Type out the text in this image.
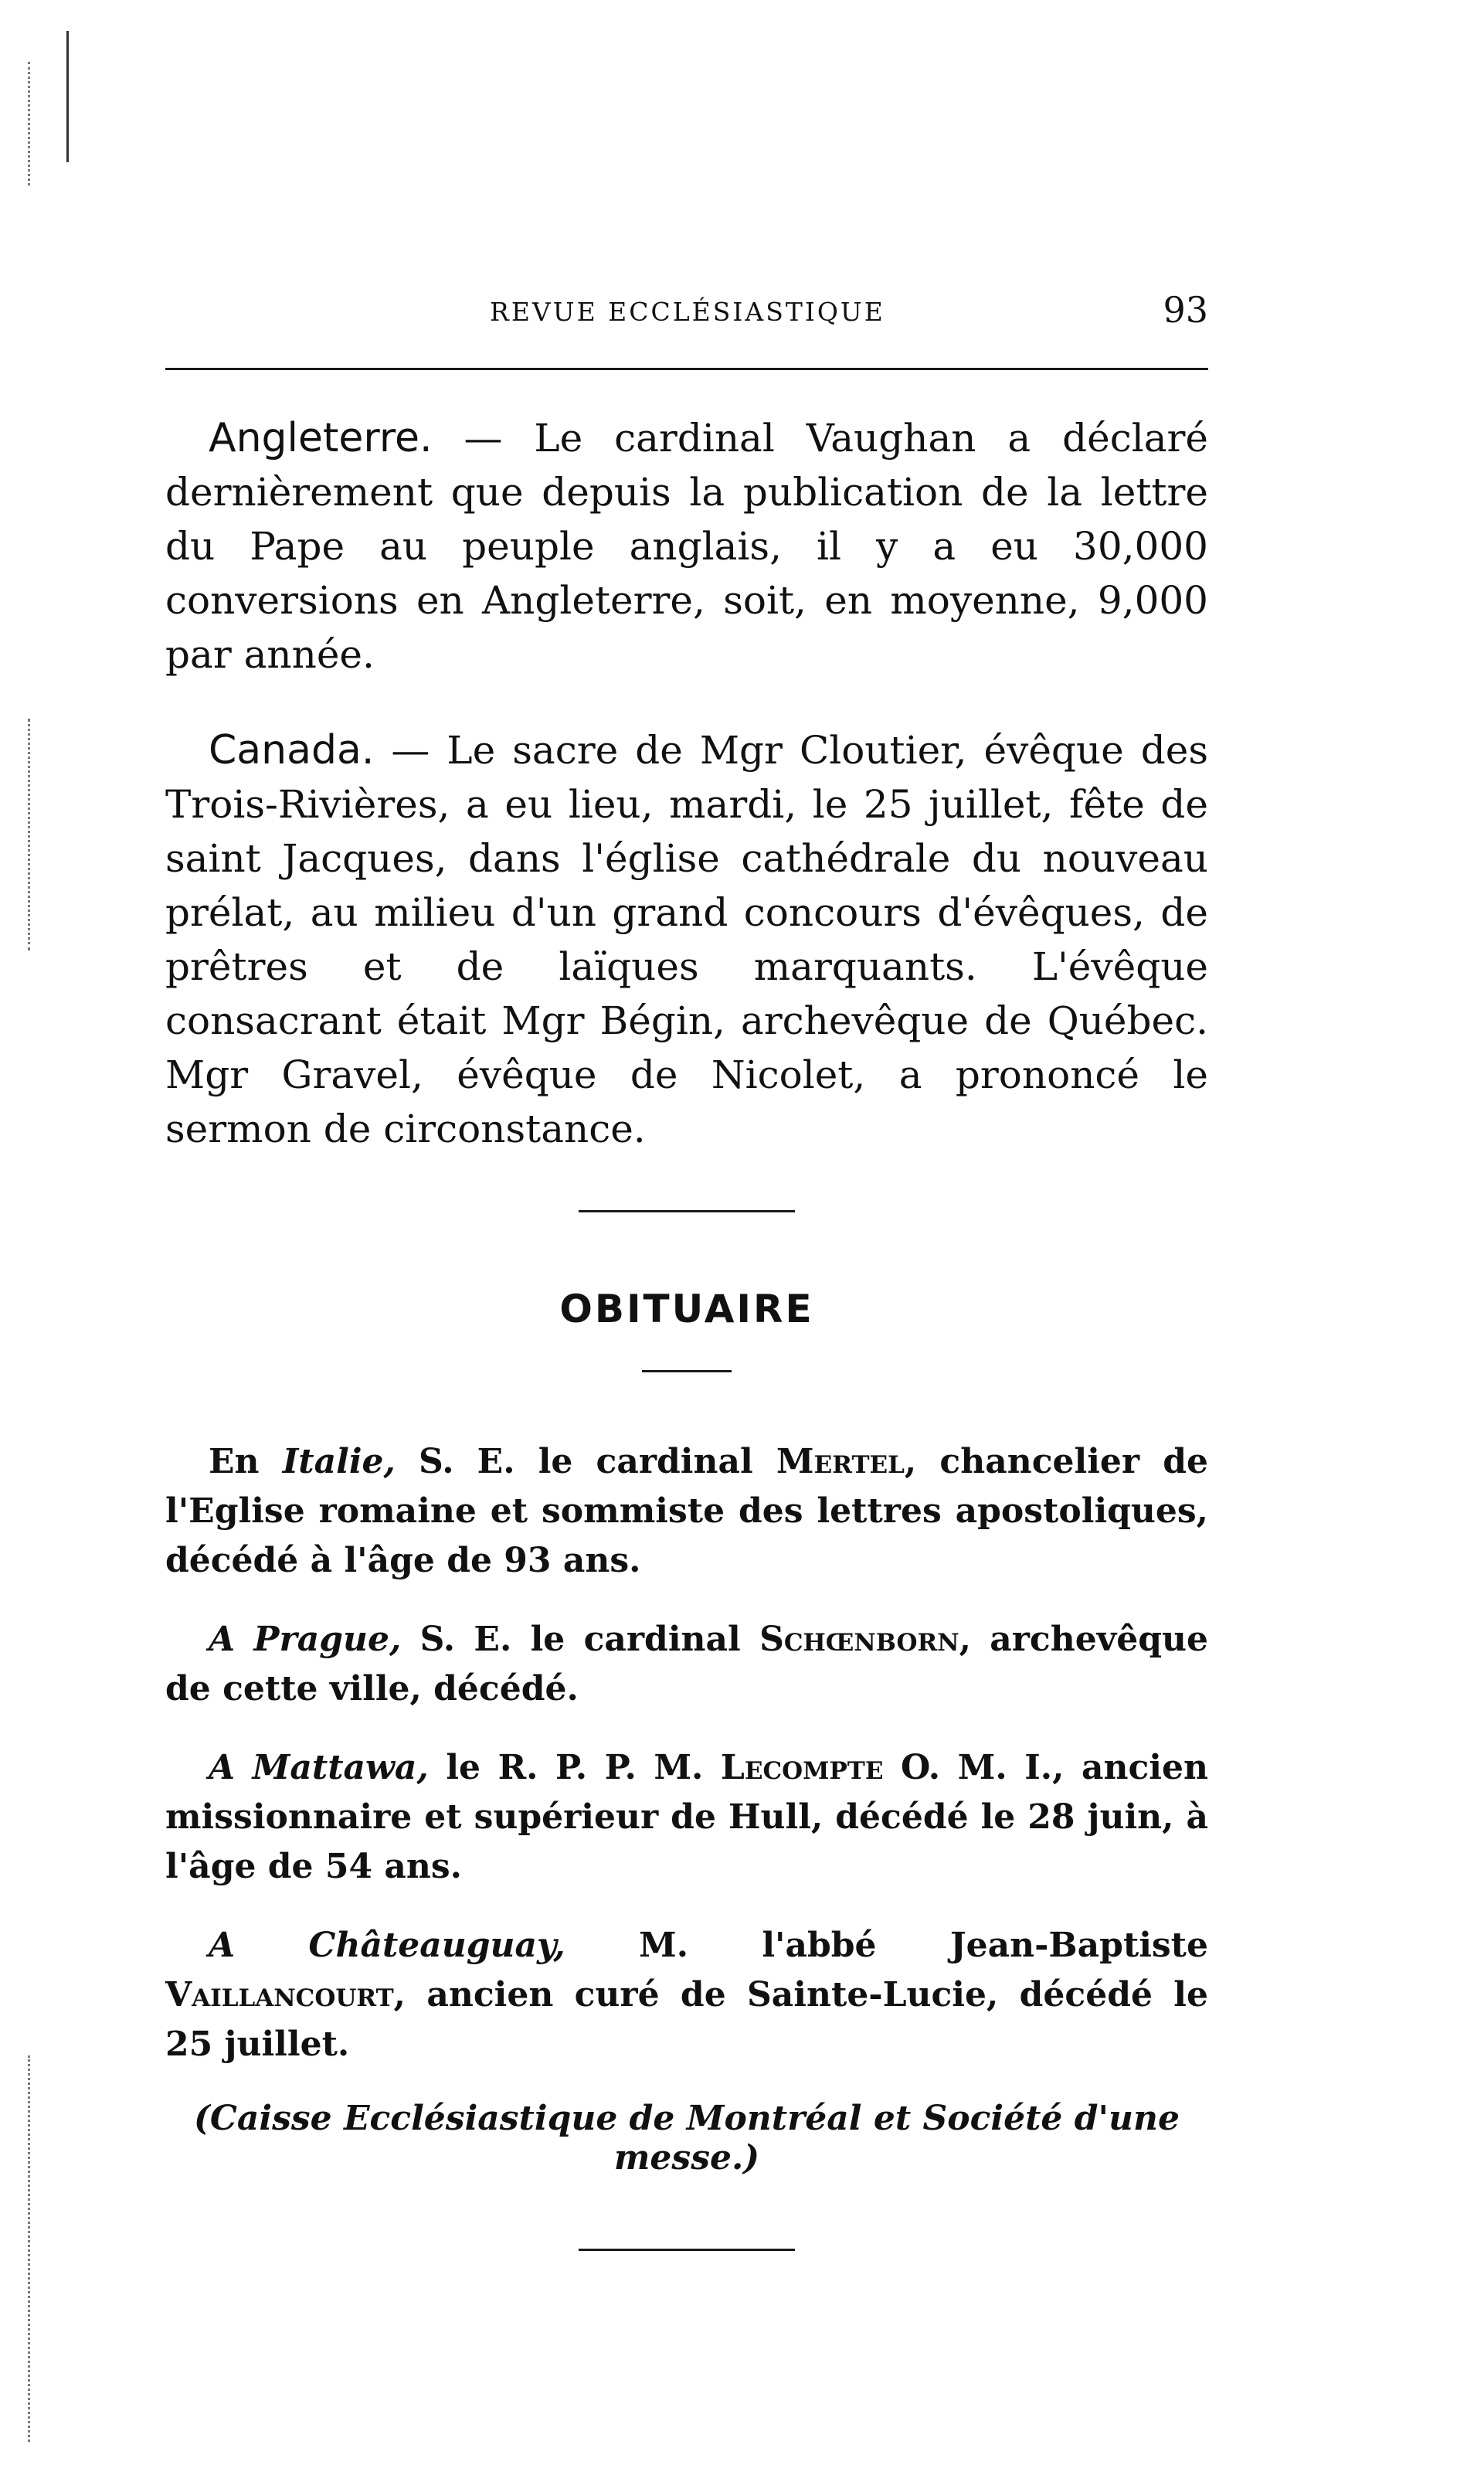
REVUE ECCLÉSIASTIQUE	93

Angleterre. — Le cardinal Vaughan a déclaré dernièrement que depuis la publication de la lettre du Pape au peuple anglais, il y a eu 30,000 conversions en Angleterre, soit, en moyenne, 9,000 par année.

Canada. — Le sacre de Mgr Cloutier, évêque des Trois-Rivières, a eu lieu, mardi, le 25 juillet, fête de saint Jacques, dans l'église cathédrale du nouveau prélat, au milieu d'un grand concours d'évêques, de prêtres et de laïques marquants. L'évêque consacrant était Mgr Bégin, archevêque de Québec. Mgr Gravel, évêque de Nicolet, a prononcé le sermon de circonstance.

OBITUAIRE

En Italie, S. E. le cardinal Mertel, chancelier de l'Eglise romaine et sommiste des lettres apostoliques, décédé à l'âge de 93 ans.

A Prague, S. E. le cardinal Schœnborn, archevêque de cette ville, décédé.

A Mattawa, le R. P. P. M. Lecompte O. M. I., ancien missionnaire et supérieur de Hull, décédé le 28 juin, à l'âge de 54 ans.

A Châteauguay, M. l'abbé Jean-Baptiste Vaillancourt, ancien curé de Sainte-Lucie, décédé le 25 juillet.

(Caisse Ecclésiastique de Montréal et Société d'une messe.)
